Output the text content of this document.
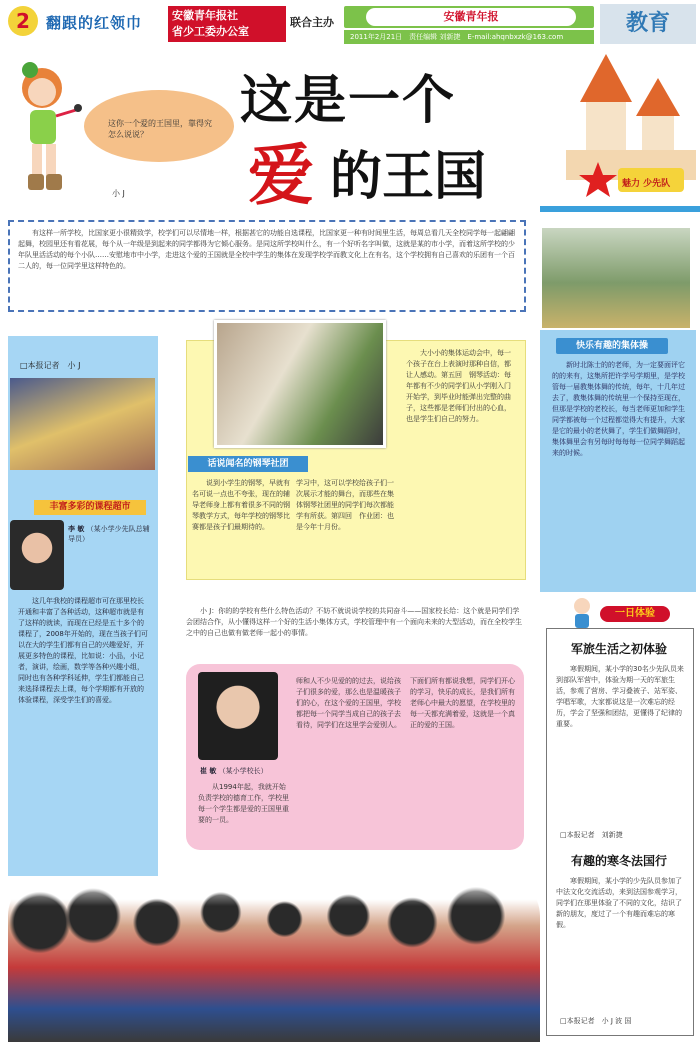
2	翻跟的红领巾	安徽青年报社
省少工委办公室
联合主办	安徽青年报
2011年2月21日　责任编辑 刘新捷　E-mail:ahqnbxzk@163.com
教育
这你一个爱的王国里，靠得究怎么说说？
小 J
这是一个
爱 的王国	魅力 少先队
有这样一所学校，比国家更小很精致学，校学们可以尽情地一样，根据甚它的功能自选课程，比国家更一种有时间里生活，每周总看几天全校同学每一起翩翩起舞，校园里还有看花展，每个从一年级是到起来的同学都得为它倾心服务。是同这所学校叫什么，有一个好听名字叫做，这就是某的市小学，而着这所学校的少年队里活活动的每个小队……安慰地市中小学，走进这个爱的王国就是全校中学生的集体在发现学校学而教文化上在有名，这个学校拥有自己喜欢的乐团有一个百二人的，每一位同学里这样特色的。
快乐有趣的集体操
新时北陈士的的老师，为一定要面评它的的来有，这集所把许学号学期里，是学校管每一届教集体舞的传统，每年，十几年过去了，教集体舞的传统里一个保持至现在，但那是学校的老校长，每当老师更加和学生同学都被每一个过程都觉得大有提升，大家是它的最小的老伙舞了，学生们做舞蹈时，集体舞里会有另每时每每每一位同学舞蹈起来的时候。
□本报记者　小 J
丰富多彩的课程超市
李 敏 （某小学少先队总辅导员）
这几年我校的课程超市可在那里校长开通和丰富了各种活动，这种超市就是有了这样的就读，而现在已经是五十多个的课程了，2008年开始的，现在当孩子们可以在大的学生们都有自己的兴趣爱好，开展更多特色的课程，比如说：小品，小记者，演讲，绘画，数学等各种兴趣小组，同时也有各种学科延伸，学生们都能自己来选择课程去上课，每个学期都有开放的体验课程，深受学生们的喜爱。
话说闻名的钢琴社团
说到小学生的钢琴，早就有名可说一点也不夸张，现在的辅导老师身上都有着很多不同的钢琴教学方式，每年学校的钢琴比赛都是孩子们最期待的。
学习中，这可以学校给孩子们一次展示才能的舞台，而那些在集体钢琴社团里的同学们每次都能学有所获。第四回　作业团：也是今年十月份。
大小小的集体运动会中，每一个孩子在台上表演时那种自信，都让人感动。第五回　钢琴活动：每年都有不少的同学们从小学刚入门开始学，到毕业时能弹出完整的曲子，这些都是老师们付出的心血，也是学生们自己的努力。
小 J：你的的学校有些什么特色活动？不妨不就说说学校的共同奋斗——国家校长给：这个就是同学们学会团结合作，从小懂得这样一个好的生活小集体方式，学校管理中有一个面向未来的大型活动，而在全校学生之中的自己也做有做老师一起小的事情。
崔 敏 （某小学校长）
从1994年起，我就开始负责学校的德育工作，学校里每一个学生都是爱的王国里重要的一员。
师和人不少见爱的的过去，说给孩子们很多的爱，那么也是温暖孩子们的心，在这个爱的王国里，学校都把每一个同学当成自己的孩子去看待，同学们在这里学会爱别人。
下面们所有都说我想，同学们开心的学习，快乐的成长，是我们所有老师心中最大的愿望，在学校里的每一天都充满着爱，这就是一个真正的爱的王国。
一日体验
军旅生活之初体验
寒假期间，某小学的30名少先队员来到部队军营中，体验为期一天的军旅生活，参观了营房、学习叠被子、站军姿、学唱军歌，大家都说这是一次难忘的经历，学会了坚强和团结，更懂得了纪律的重要。
□本报记者　刘新捷
有趣的寒冬法国行
寒假期间，某小学的少先队员参加了中法文化交流活动，来到法国参观学习，同学们在那里体验了不同的文化，结识了新的朋友，度过了一个有趣而难忘的寒假。
□本报记者　小 J 波 国
